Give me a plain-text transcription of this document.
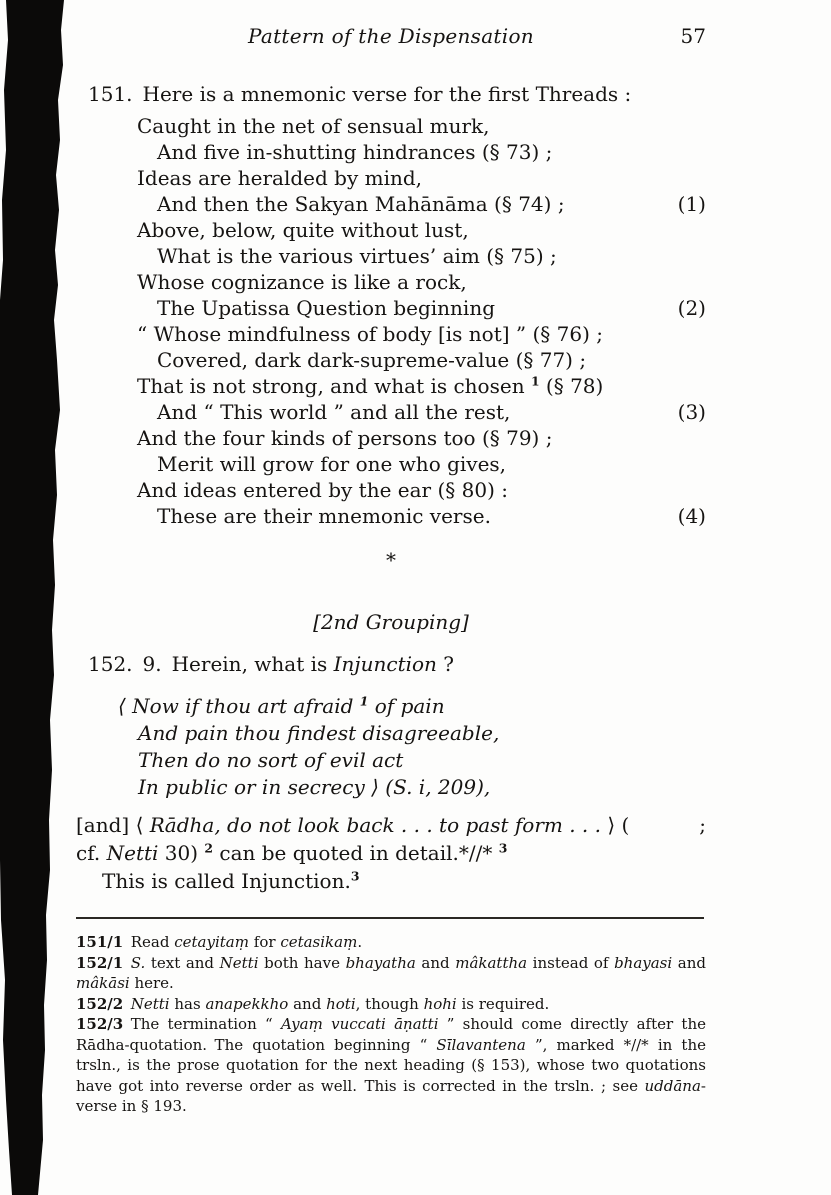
Pattern of the Dispensation	57

151. Here is a mnemonic verse for the first Threads :

Caught in the net of sensual murk,
And five in-shutting hindrances (§ 73) ;
Ideas are heralded by mind,
And then the Sakyan Mahānāma (§ 74) ;	(1)
Above, below, quite without lust,
What is the various virtues’ aim (§ 75) ;
Whose cognizance is like a rock,
The Upatissa Question beginning	(2)
“ Whose mindfulness of body [is not] ” (§ 76) ;
Covered, dark dark-supreme-value (§ 77) ;
That is not strong, and what is chosen $^1$ (§ 78)
And “ This world ” and all the rest,	(3)
And the four kinds of persons too (§ 79) ;
Merit will grow for one who gives,
And ideas entered by the ear (§ 80) :
These are their mnemonic verse.	(4)
*
[2nd Grouping]

152. 9. Herein, what is Injunction ?

⟨ Now if thou art afraid $^1$ of pain
And pain thou findest disagreeable,
Then do no sort of evil act
In public or in secrecy ⟩ (S. i, 209),
[and] ⟨ Rādha, do not look back . . . to past form . . . ⟩ (	;
cf. Netti 30) $^2$ can be quoted in detail.*//* $^3$
This is called Injunction.$^3$
151/1 Read cetayitaṃ for cetasikaṃ.
152/1  S. text and Netti both have bhayatha and mâkattha instead of bhayasi and
mâkāsi here.
152/2  Netti has anapekkho and hoti, though hohi is required.
152/3 The termination “ Ayaṃ vuccati āṇatti ” should come directly after the
Rādha-quotation. The quotation beginning “ Sīlavantena ”, marked */​/* in the
trsln., is the prose quotation for the next heading (§ 153), whose two quotations
have got into reverse order as well. This is corrected in the trsln. ; see uddāna-
verse in § 193.
